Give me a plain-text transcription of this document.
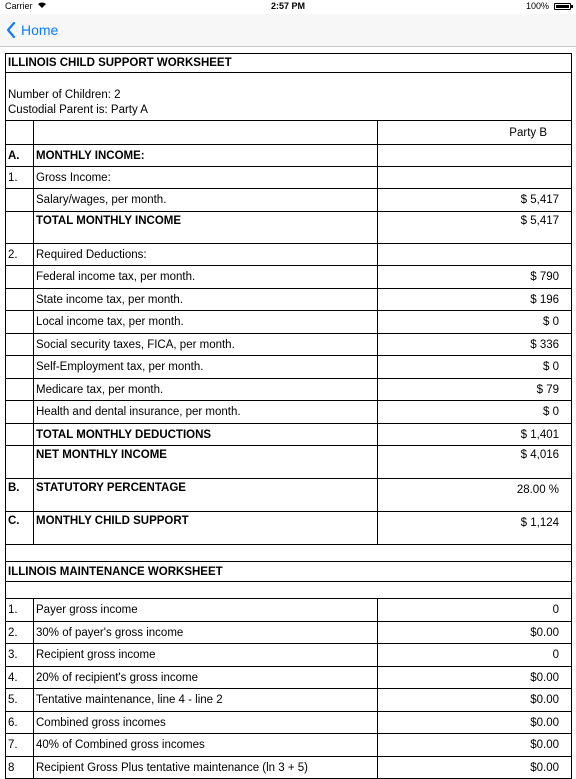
Carrier	2:57 PM	100%
Home
ILLINOIS CHILD SUPPORT WORKSHEET		

Number of Children: 2
Custodial Parent is: Party A		

		Party B
A.	MONTHLY INCOME:	
1.	Gross Income:	
	Salary/wages, per month.	$ 5,417
	TOTAL MONTHLY INCOME	$ 5,417

2.	Required Deductions:	
	Federal income tax, per month.	$ 790
	State income tax, per month.	$ 196
	Local income tax, per month.	$ 0
	Social security taxes, FICA, per month.	$ 336
	Self-Employment tax, per month.	$ 0
	Medicare tax, per month.	$ 79
	Health and dental insurance, per month.	$ 0
	TOTAL MONTHLY DEDUCTIONS	$ 1,401
	NET MONTHLY INCOME	$ 4,016

B.	STATUTORY PERCENTAGE	28.00 %
C.	MONTHLY CHILD SUPPORT	$ 1,124

ILLINOIS MAINTENANCE WORKSHEET		

1.	Payer gross income	0
2.	30% of payer's gross income	$0.00
3.	Recipient gross income	0
4.	20% of recipient's gross income	$0.00
5.	Tentative maintenance, line 4 - line 2	$0.00
6.	Combined gross incomes	$0.00
7.	40% of Combined gross incomes	$0.00
8	Recipient Gross Plus tentative maintenance (ln 3 + 5)	$0.00
